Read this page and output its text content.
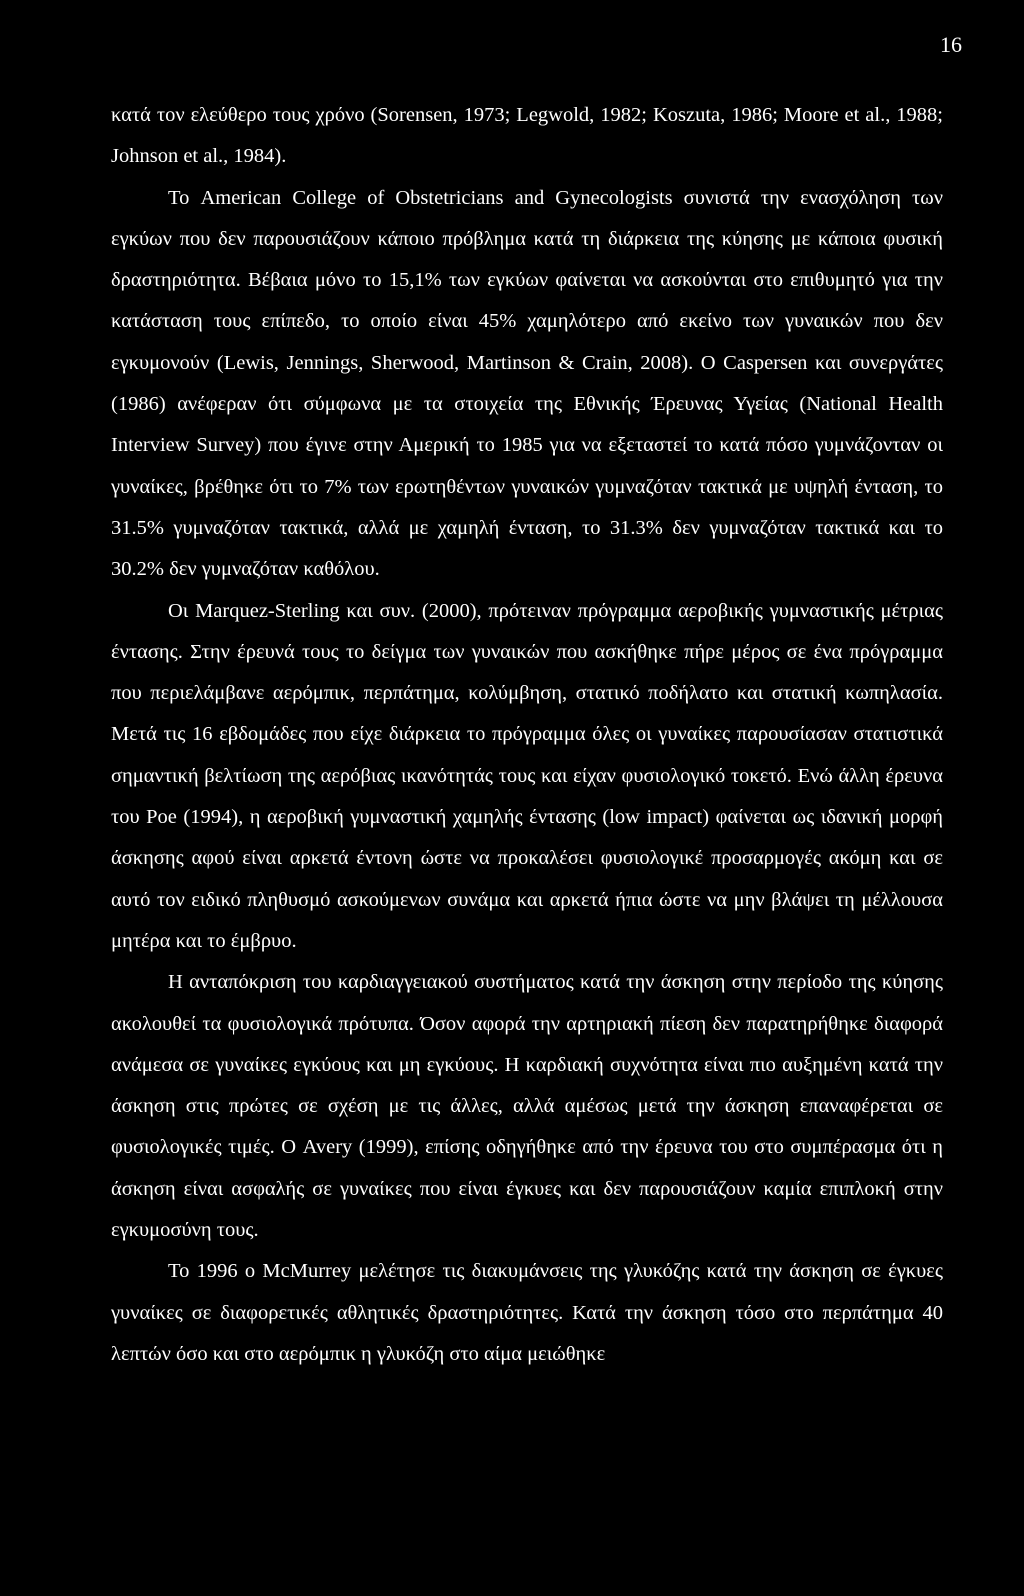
16

κατά τον ελεύθερο τους χρόνο (Sorensen, 1973; Legwold, 1982; Koszuta, 1986; Moore et al., 1988; Johnson et al., 1984).

Το American College of Obstetricians and Gynecologists συνιστά την ενασχόληση των εγκύων που δεν παρουσιάζουν κάποιο πρόβλημα κατά τη διάρκεια της κύησης με κάποια φυσική δραστηριότητα. Βέβαια μόνο το 15,1% των εγκύων φαίνεται να ασκούνται στο επιθυμητό για την κατάσταση τους επίπεδο, το οποίο είναι 45% χαμηλότερο από εκείνο των γυναικών που δεν εγκυμονούν (Lewis, Jennings, Sherwood, Martinson & Crain, 2008). Ο Caspersen και συνεργάτες (1986) ανέφεραν ότι σύμφωνα με τα στοιχεία της Εθνικής Έρευνας Υγείας (National Health Interview Survey) που έγινε στην Αμερική το 1985 για να εξεταστεί το κατά πόσο γυμνάζονταν οι γυναίκες, βρέθηκε ότι το 7% των ερωτηθέντων γυναικών γυμναζόταν τακτικά με υψηλή ένταση, το 31.5% γυμναζόταν τακτικά, αλλά με χαμηλή ένταση, το 31.3% δεν γυμναζόταν τακτικά και το 30.2% δεν γυμναζόταν καθόλου.

Οι Marquez-Sterling και συν. (2000), πρότειναν πρόγραμμα αεροβικής γυμναστικής μέτριας έντασης. Στην έρευνά τους το δείγμα των γυναικών που ασκήθηκε πήρε μέρος σε ένα πρόγραμμα που περιελάμβανε αερόμπικ, περπάτημα, κολύμβηση, στατικό ποδήλατο και στατική κωπηλασία. Μετά τις 16 εβδομάδες που είχε διάρκεια το πρόγραμμα όλες οι γυναίκες παρουσίασαν στατιστικά σημαντική βελτίωση της αερόβιας ικανότητάς τους και είχαν φυσιολογικό τοκετό. Ενώ άλλη έρευνα του Poe (1994), η αεροβική γυμναστική χαμηλής έντασης (low impact) φαίνεται ως ιδανική μορφή άσκησης αφού είναι αρκετά έντονη ώστε να προκαλέσει φυσιολογικέ προσαρμογές ακόμη και σε αυτό τον ειδικό πληθυσμό ασκούμενων συνάμα και αρκετά ήπια ώστε να μην βλάψει τη μέλλουσα μητέρα και το έμβρυο.

Η ανταπόκριση του καρδιαγγειακού συστήματος κατά την άσκηση στην περίοδο της κύησης ακολουθεί τα φυσιολογικά πρότυπα. Όσον αφορά την αρτηριακή πίεση δεν παρατηρήθηκε διαφορά ανάμεσα σε γυναίκες εγκύους και μη εγκύους. Η καρδιακή συχνότητα είναι πιο αυξημένη κατά την άσκηση στις πρώτες σε σχέση με τις άλλες, αλλά αμέσως μετά την άσκηση επαναφέρεται σε φυσιολογικές τιμές. Ο Avery (1999), επίσης οδηγήθηκε από την έρευνα του στο συμπέρασμα ότι η άσκηση είναι ασφαλής σε γυναίκες που είναι έγκυες και δεν παρουσιάζουν καμία επιπλοκή στην εγκυμοσύνη τους.

Το 1996 ο McMurrey μελέτησε τις διακυμάνσεις της γλυκόζης κατά την άσκηση σε έγκυες γυναίκες σε διαφορετικές αθλητικές δραστηριότητες. Κατά την άσκηση τόσο στο περπάτημα 40 λεπτών όσο και στο αερόμπικ η γλυκόζη στο αίμα μειώθηκε
